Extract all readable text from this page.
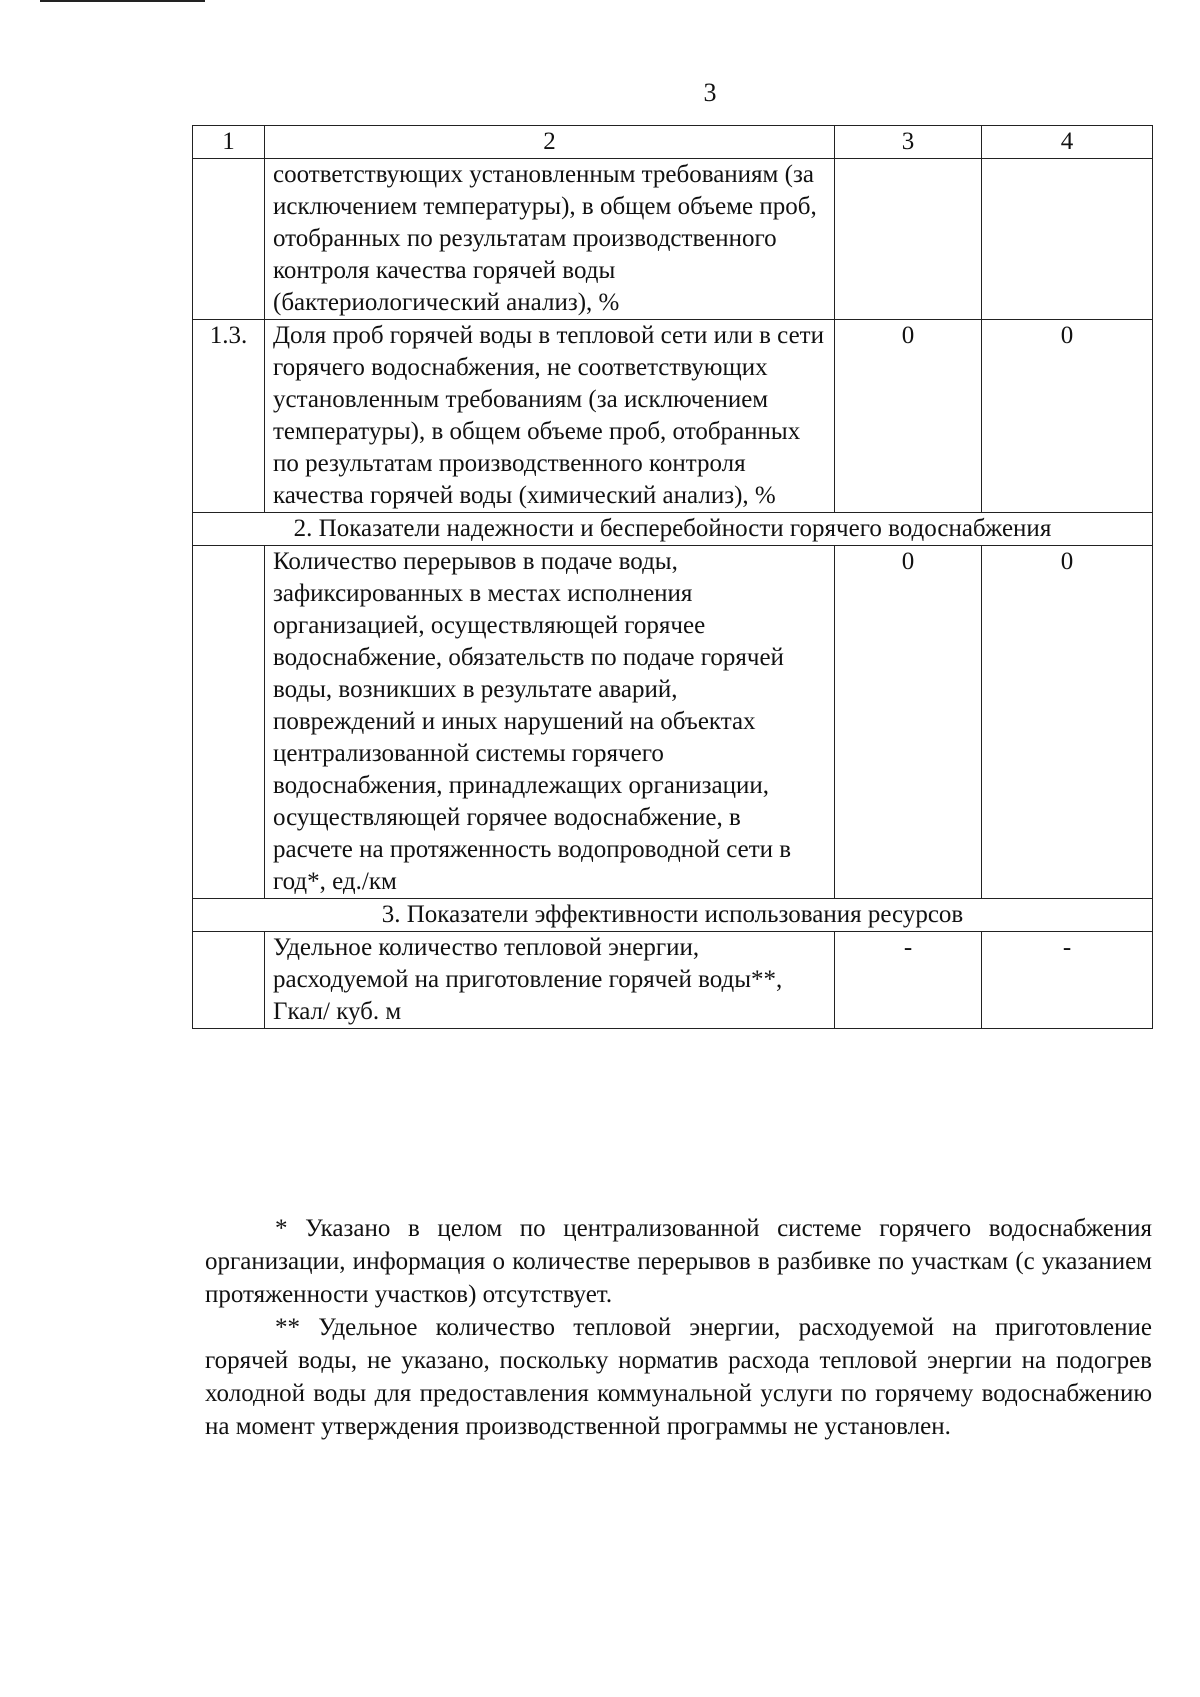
3
1	2	3	4
	соответствующих установленным требованиям (за исключением температуры), в общем объеме проб, отобранных по результатам производственного контроля качества горячей воды (бактериологический анализ), %		
1.3.	Доля проб горячей воды в тепловой сети или в сети горячего водоснабжения, не соответствующих установленным требованиям (за исключением температуры), в общем объеме проб, отобранных по результатам производственного контроля качества горячей воды (химический анализ), %	0	0
2. Показатели надежности и бесперебойности горячего водоснабжения			
	Количество перерывов в подаче воды, зафиксированных в местах исполнения организацией, осуществляющей горячее водоснабжение, обязательств по подаче горячей воды, возникших в результате аварий, повреждений и иных нарушений на объектах централизованной системы горячего водоснабжения, принадлежащих организации, осуществляющей горячее водоснабжение, в расчете на протяженность водопроводной сети в год*, ед./км	0	0
3. Показатели эффективности использования ресурсов			
	Удельное количество тепловой энергии, расходуемой на приготовление горячей воды**, Гкал/ куб. м	-	-

* Указано в целом по централизованной системе горячего водоснабжения организации, информация о количестве перерывов в разбивке по участкам (с указанием протяженности участков) отсутствует.

** Удельное количество тепловой энергии, расходуемой на приготовление горячей воды, не указано, поскольку норматив расхода тепловой энергии на подогрев холодной воды для предоставления коммунальной услуги по горячему водоснабжению на момент утверждения производственной программы не установлен.
